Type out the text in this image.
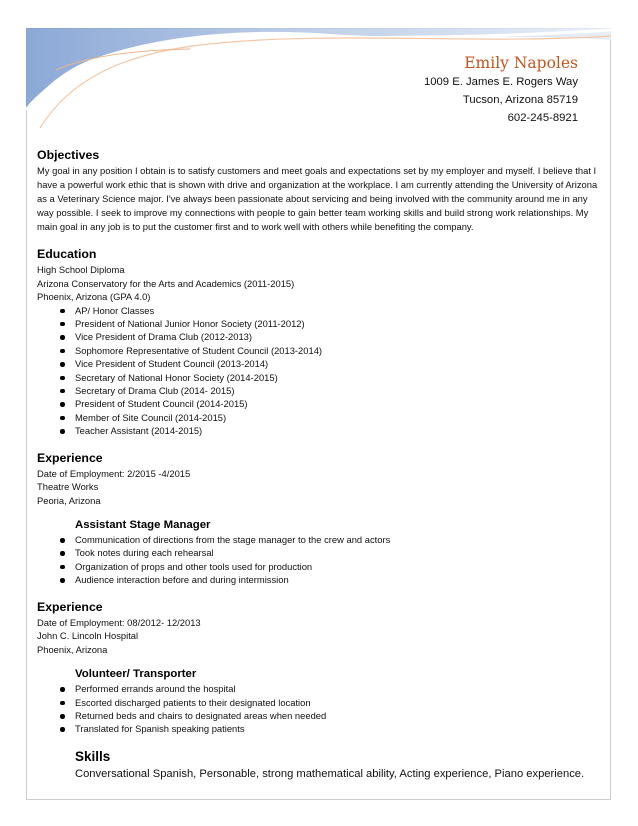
Emily Napoles
1009 E. James E. Rogers Way
Tucson, Arizona 85719
602-245-8921
Objectives

My goal in any position I obtain is to satisfy customers and meet goals and expectations set by my employer and myself. I believe that I have a powerful work ethic that is shown with drive and organization at the workplace. I am currently attending the University of Arizona as a Veterinary Science major. I've always been passionate about servicing and being involved with the community around me in any way possible. I seek to improve my connections with people to gain better team working skills and build strong work relationships. My main goal in any job is to put the customer first and to work well with others while benefiting the company.

Education

High School Diploma

Arizona Conservatory for the Arts and Academics (2011-2015)

Phoenix, Arizona (GPA 4.0)

AP/ Honor Classes
President of National Junior Honor Society (2011-2012)
Vice President of Drama Club (2012-2013)
Sophomore Representative of Student Council (2013-2014)
Vice President of Student Council (2013-2014)
Secretary of National Honor Society (2014-2015)
Secretary of Drama Club (2014- 2015)
President of Student Council (2014-2015)
Member of Site Council (2014-2015)
Teacher Assistant (2014-2015)
Experience

Date of Employment: 2/2015 -4/2015

Theatre Works

Peoria, Arizona

Assistant Stage Manager
Communication of directions from the stage manager to the crew and actors
Took notes during each rehearsal
Organization of props and other tools used for production
Audience interaction before and during intermission
Experience

Date of Employment: 08/2012- 12/2013

John C. Lincoln Hospital

Phoenix, Arizona

Volunteer/ Transporter
Performed errands around the hospital
Escorted discharged patients to their designated location
Returned beds and chairs to designated areas when needed
Translated for Spanish speaking patients
Skills

Conversational Spanish, Personable, strong mathematical ability, Acting experience, Piano experience.
